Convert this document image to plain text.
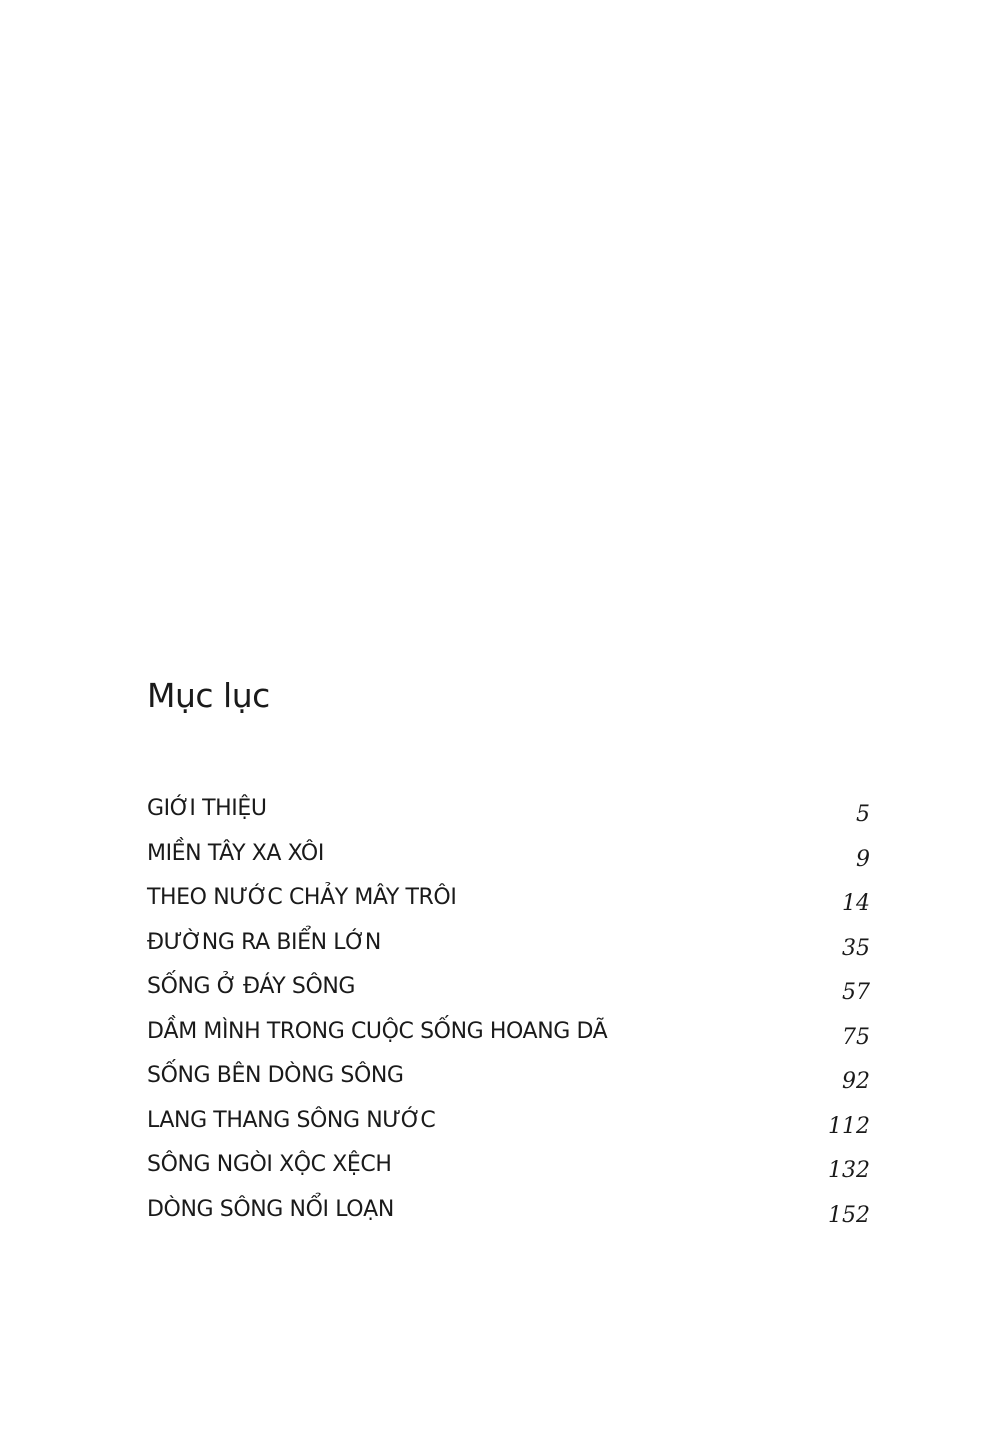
Mục lục
GIỚI THIỆU	5
MIỀN TÂY XA XÔI	9
THEO NƯỚC CHẢY MÂY TRÔI	14
ĐƯỜNG RA BIỂN LỚN	35
SỐNG Ở ĐÁY SÔNG	57
DẦM MÌNH TRONG CUỘC SỐNG HOANG DÃ	75
SỐNG BÊN DÒNG SÔNG	92
LANG THANG SÔNG NƯỚC	112
SÔNG NGÒI XỘC XỆCH	132
DÒNG SÔNG NỔI LOẠN	152
